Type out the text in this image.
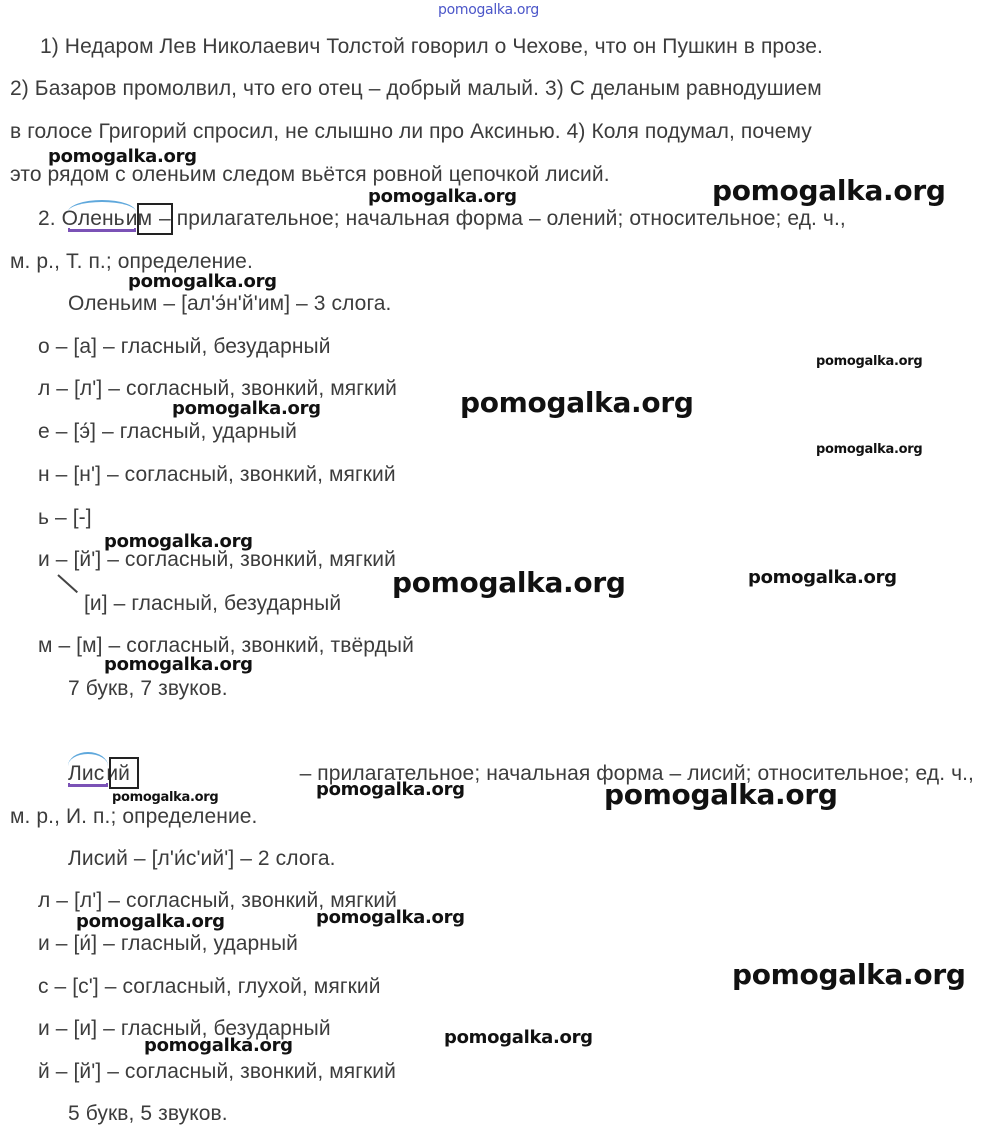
pomogalka.org
1) Недаром Лев Николаевич Толстой говорил о Чехове, что он Пушкин в прозе.
2) Базаров промолвил, что его отец – добрый малый. 3) С деланым равнодушием
в голосе Григорий спросил, не слышно ли про Аксинью. 4) Коля подумал, почему
это рядом с оленьим следом вьётся ровной цепочкой лисий.
2. Оленьим – прилагательное; начальная форма – олений; относительное; ед. ч.,
м. р., Т. п.; определение.
Оленьим – [ал'э́н'й'им] – 3 слога.
о – [а] – гласный, безударный
л – [л'] – согласный, звонкий, мягкий
е – [э́] – гласный, ударный
н – [н'] – согласный, звонкий, мягкий
ь – [-]
и – [й'] – согласный, звонкий, мягкий
[и] – гласный, безударный
м – [м] – согласный, звонкий, твёрдый
7 букв, 7 звуков.
Лисий	– прилагательное; начальная форма – лисий; относительное; ед. ч.,
м. р., И. п.; определение.
Лисий – [л'и́с'ий'] – 2 слога.
л – [л'] – согласный, звонкий, мягкий
и – [и́] – гласный, ударный
с – [с'] – согласный, глухой, мягкий
и – [и] – гласный, безударный
й – [й'] – согласный, звонкий, мягкий
5 букв, 5 звуков.
pomogalka.org
pomogalka.org	pomogalka.org
pomogalka.org
pomogalka.org
pomogalka.org	pomogalka.org
pomogalka.org
pomogalka.org
pomogalka.org	pomogalka.org
pomogalka.org
pomogalka.org	pomogalka.org
pomogalka.org
pomogalka.org
pomogalka.org
pomogalka.org
pomogalka.org
pomogalka.org
